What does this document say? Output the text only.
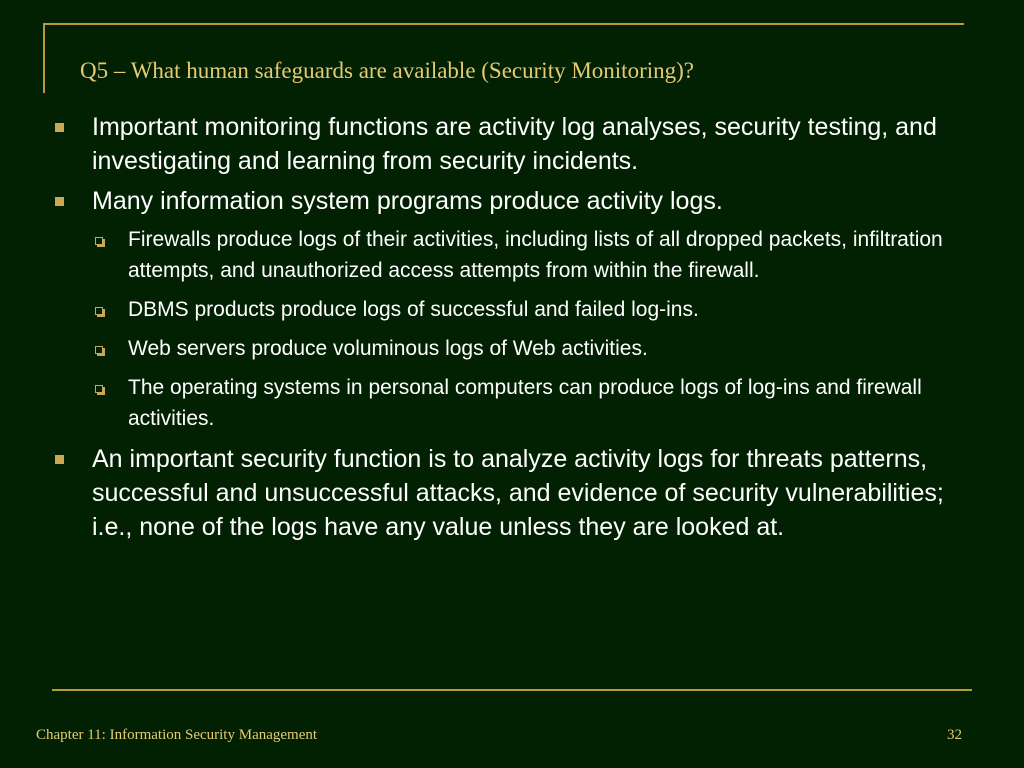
Q5 – What human safeguards are available (Security Monitoring)?
Important monitoring functions are activity log analyses, security testing, and investigating and learning from security incidents.
Many information system programs produce activity logs.
Firewalls produce logs of their activities, including lists of all dropped packets, infiltration attempts, and unauthorized access attempts from within the firewall.
DBMS products produce logs of successful and failed log-ins.
Web servers produce voluminous logs of Web activities.
The operating systems in personal computers can produce logs of log-ins and firewall activities.
An important security function is to analyze activity logs for threats patterns, successful and unsuccessful attacks, and evidence of security vulnerabilities; i.e., none of the logs have any value unless they are looked at.
Chapter 11: Information Security Management	32
